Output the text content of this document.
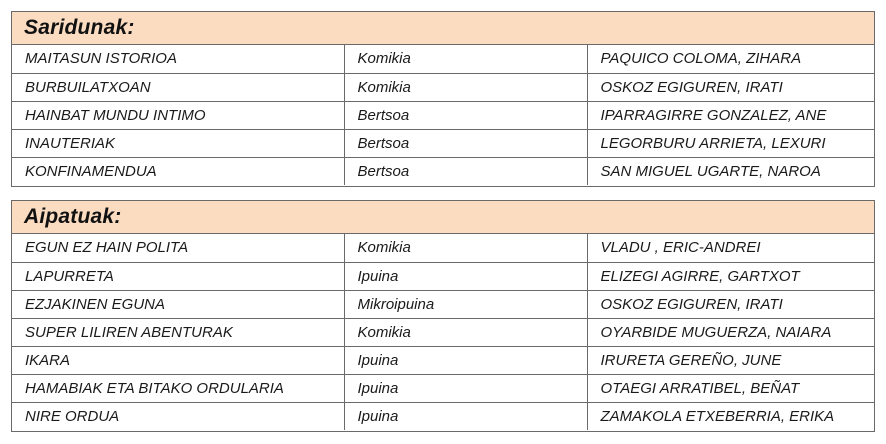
Saridunak:
MAITASUN ISTORIOA	Komikia	PAQUICO COLOMA, ZIHARA
BURBUILATXOAN	Komikia	OSKOZ EGIGUREN, IRATI
HAINBAT MUNDU INTIMO	Bertsoa	IPARRAGIRRE GONZALEZ, ANE
INAUTERIAK	Bertsoa	LEGORBURU ARRIETA, LEXURI
KONFINAMENDUA	Bertsoa	SAN MIGUEL UGARTE, NAROA
Aipatuak:
EGUN EZ HAIN POLITA	Komikia	VLADU , ERIC-ANDREI
LAPURRETA	Ipuina	ELIZEGI AGIRRE, GARTXOT
EZJAKINEN EGUNA	Mikroipuina	OSKOZ EGIGUREN, IRATI
SUPER LILIREN ABENTURAK	Komikia	OYARBIDE MUGUERZA, NAIARA
IKARA	Ipuina	IRURETA GEREÑO, JUNE
HAMABIAK ETA BITAKO ORDULARIA	Ipuina	OTAEGI ARRATIBEL, BEÑAT
NIRE ORDUA	Ipuina	ZAMAKOLA ETXEBERRIA, ERIKA
